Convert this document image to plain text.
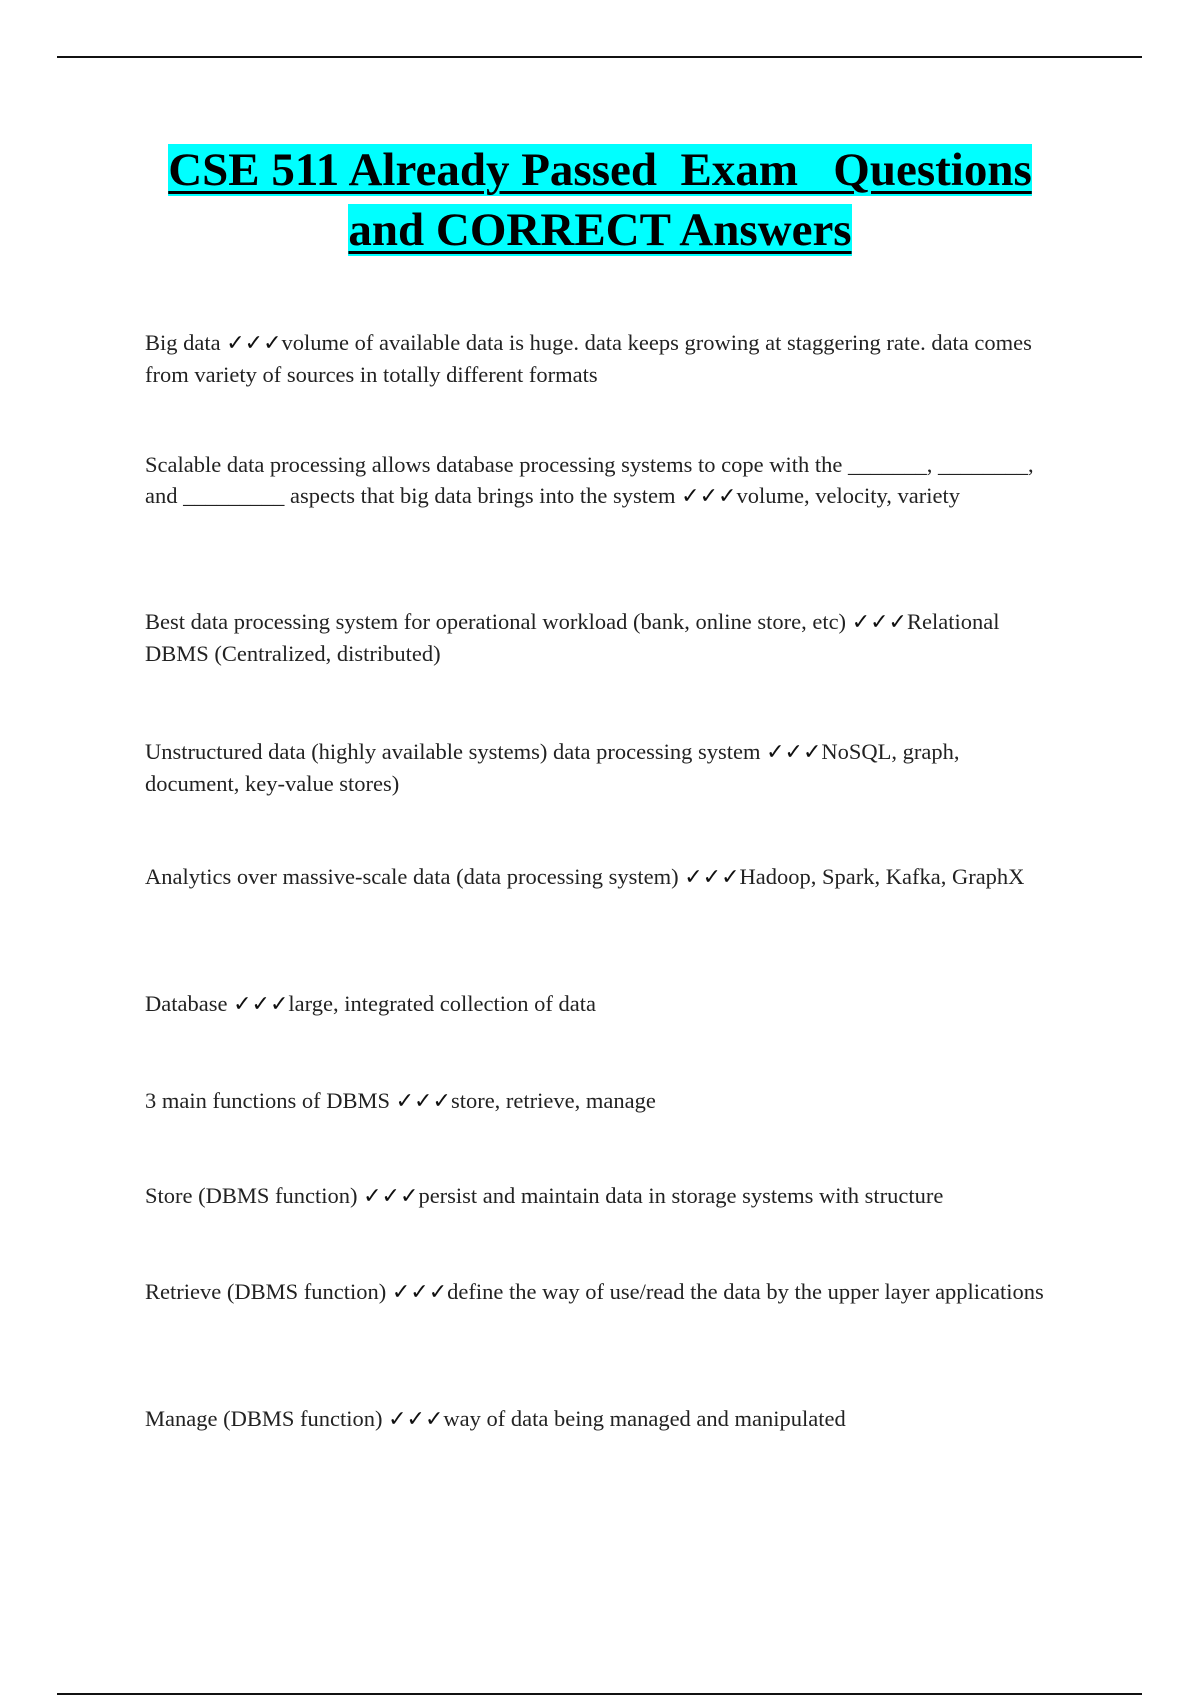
CSE 511 Already Passed  Exam   Questions
and CORRECT Answers

Big data ✓✓✓volume of available data is huge. data keeps growing at staggering rate. data comes from variety of sources in totally different formats

Scalable data processing allows database processing systems to cope with the _______, ________, and _________ aspects that big data brings into the system ✓✓✓volume, velocity, variety

Best data processing system for operational workload (bank, online store, etc) ✓✓✓Relational DBMS (Centralized, distributed)

Unstructured data (highly available systems) data processing system ✓✓✓NoSQL, graph, document, key-value stores)

Analytics over massive-scale data (data processing system) ✓✓✓Hadoop, Spark, Kafka, GraphX

Database ✓✓✓large, integrated collection of data

3 main functions of DBMS ✓✓✓store, retrieve, manage

Store (DBMS function) ✓✓✓persist and maintain data in storage systems with structure

Retrieve (DBMS function) ✓✓✓define the way of use/read the data by the upper layer applications

Manage (DBMS function) ✓✓✓way of data being managed and manipulated
